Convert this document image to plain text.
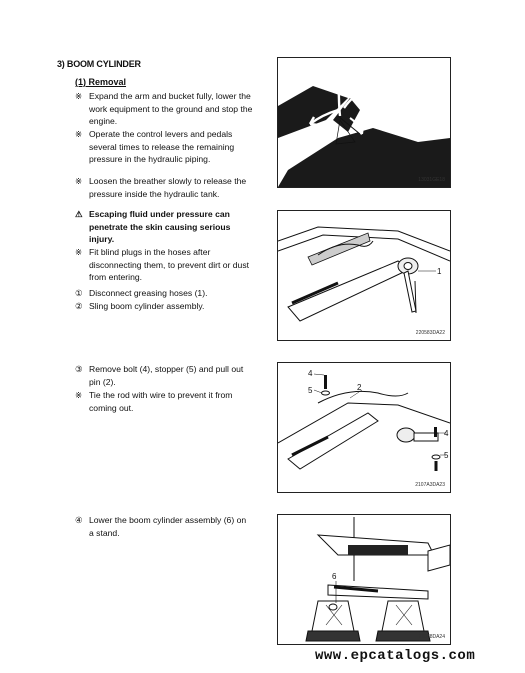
3) BOOM CYLINDER
(1) Removal
※ Expand the arm and bucket fully, lower the work equipment to the ground and stop the engine.
※ Operate the control levers and pedals several times to release the remaining pressure in the hydraulic piping.
※ Loosen the breather slowly to release the pressure inside the hydraulic tank.
⚠ Escaping fluid under pressure can penetrate the skin causing serious injury.
※ Fit blind plugs in the hoses after disconnecting them, to prevent dirt or dust from entering.
① Disconnect greasing hoses (1).
② Sling boom cylinder assembly.
③ Remove bolt (4), stopper (5) and pull out pin (2).
※ Tie the rod with wire to prevent it from coming out.
④ Lower the boom cylinder assembly (6) on a stand.
13031GE18
1
220583DA22
4
5	2
4
5
2107A3DA23
6
21078DA24
www.epcatalogs.com
